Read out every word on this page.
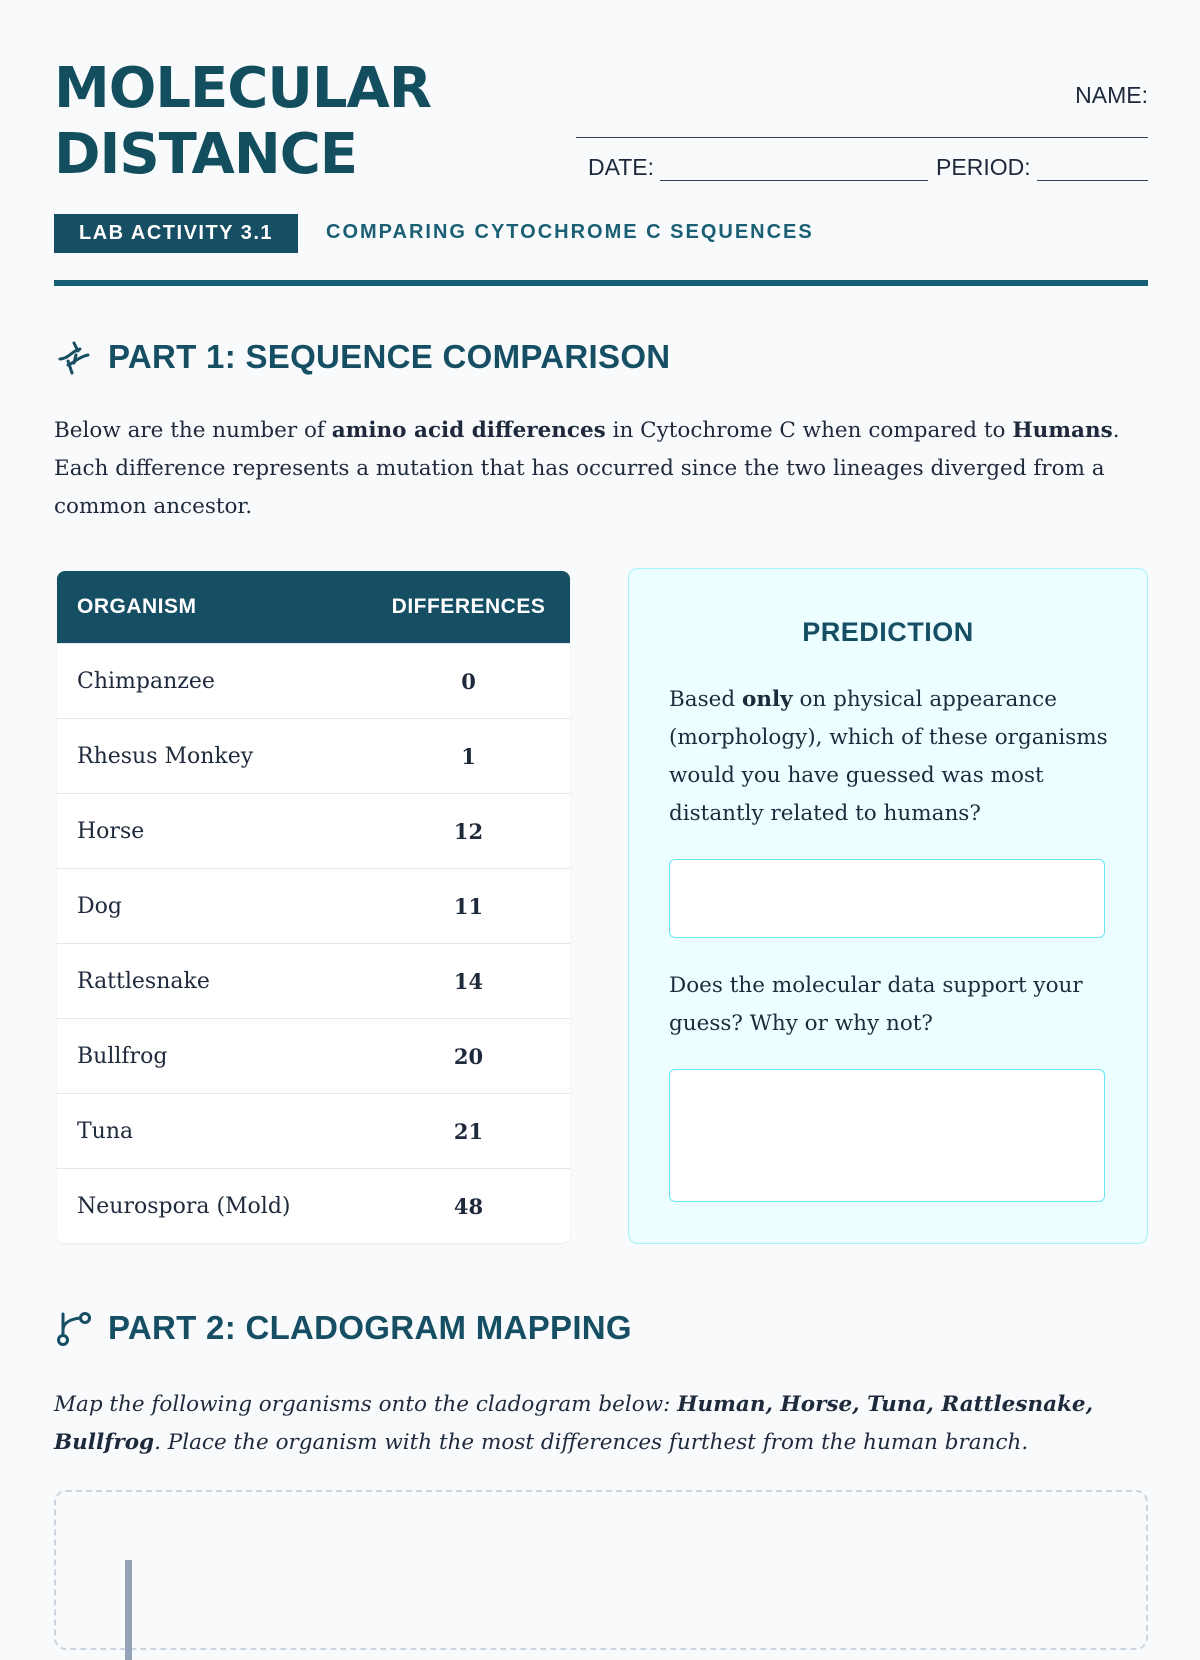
MOLECULAR
DISTANCE
NAME:
DATE:	PERIOD:
LAB ACTIVITY 3.1	COMPARING CYTOCHROME C SEQUENCES
PART 1: SEQUENCE COMPARISON

Below are the number of amino acid differences in Cytochrome C when compared to Humans. Each difference represents a mutation that has occurred since the two lineages diverged from a common ancestor.

ORGANISM	DIFFERENCES
Chimpanzee	0
Rhesus Monkey	1
Horse	12
Dog	11
Rattlesnake	14
Bullfrog	20
Tuna	21
Neurospora (Mold)	48
PREDICTION

Based only on physical appearance (morphology), which of these organisms would you have guessed was most distantly related to humans?

Does the molecular data support your guess? Why or why not?

PART 2: CLADOGRAM MAPPING

Map the following organisms onto the cladogram below: Human, Horse, Tuna, Rattlesnake, Bullfrog. Place the organism with the most differences furthest from the human branch.
